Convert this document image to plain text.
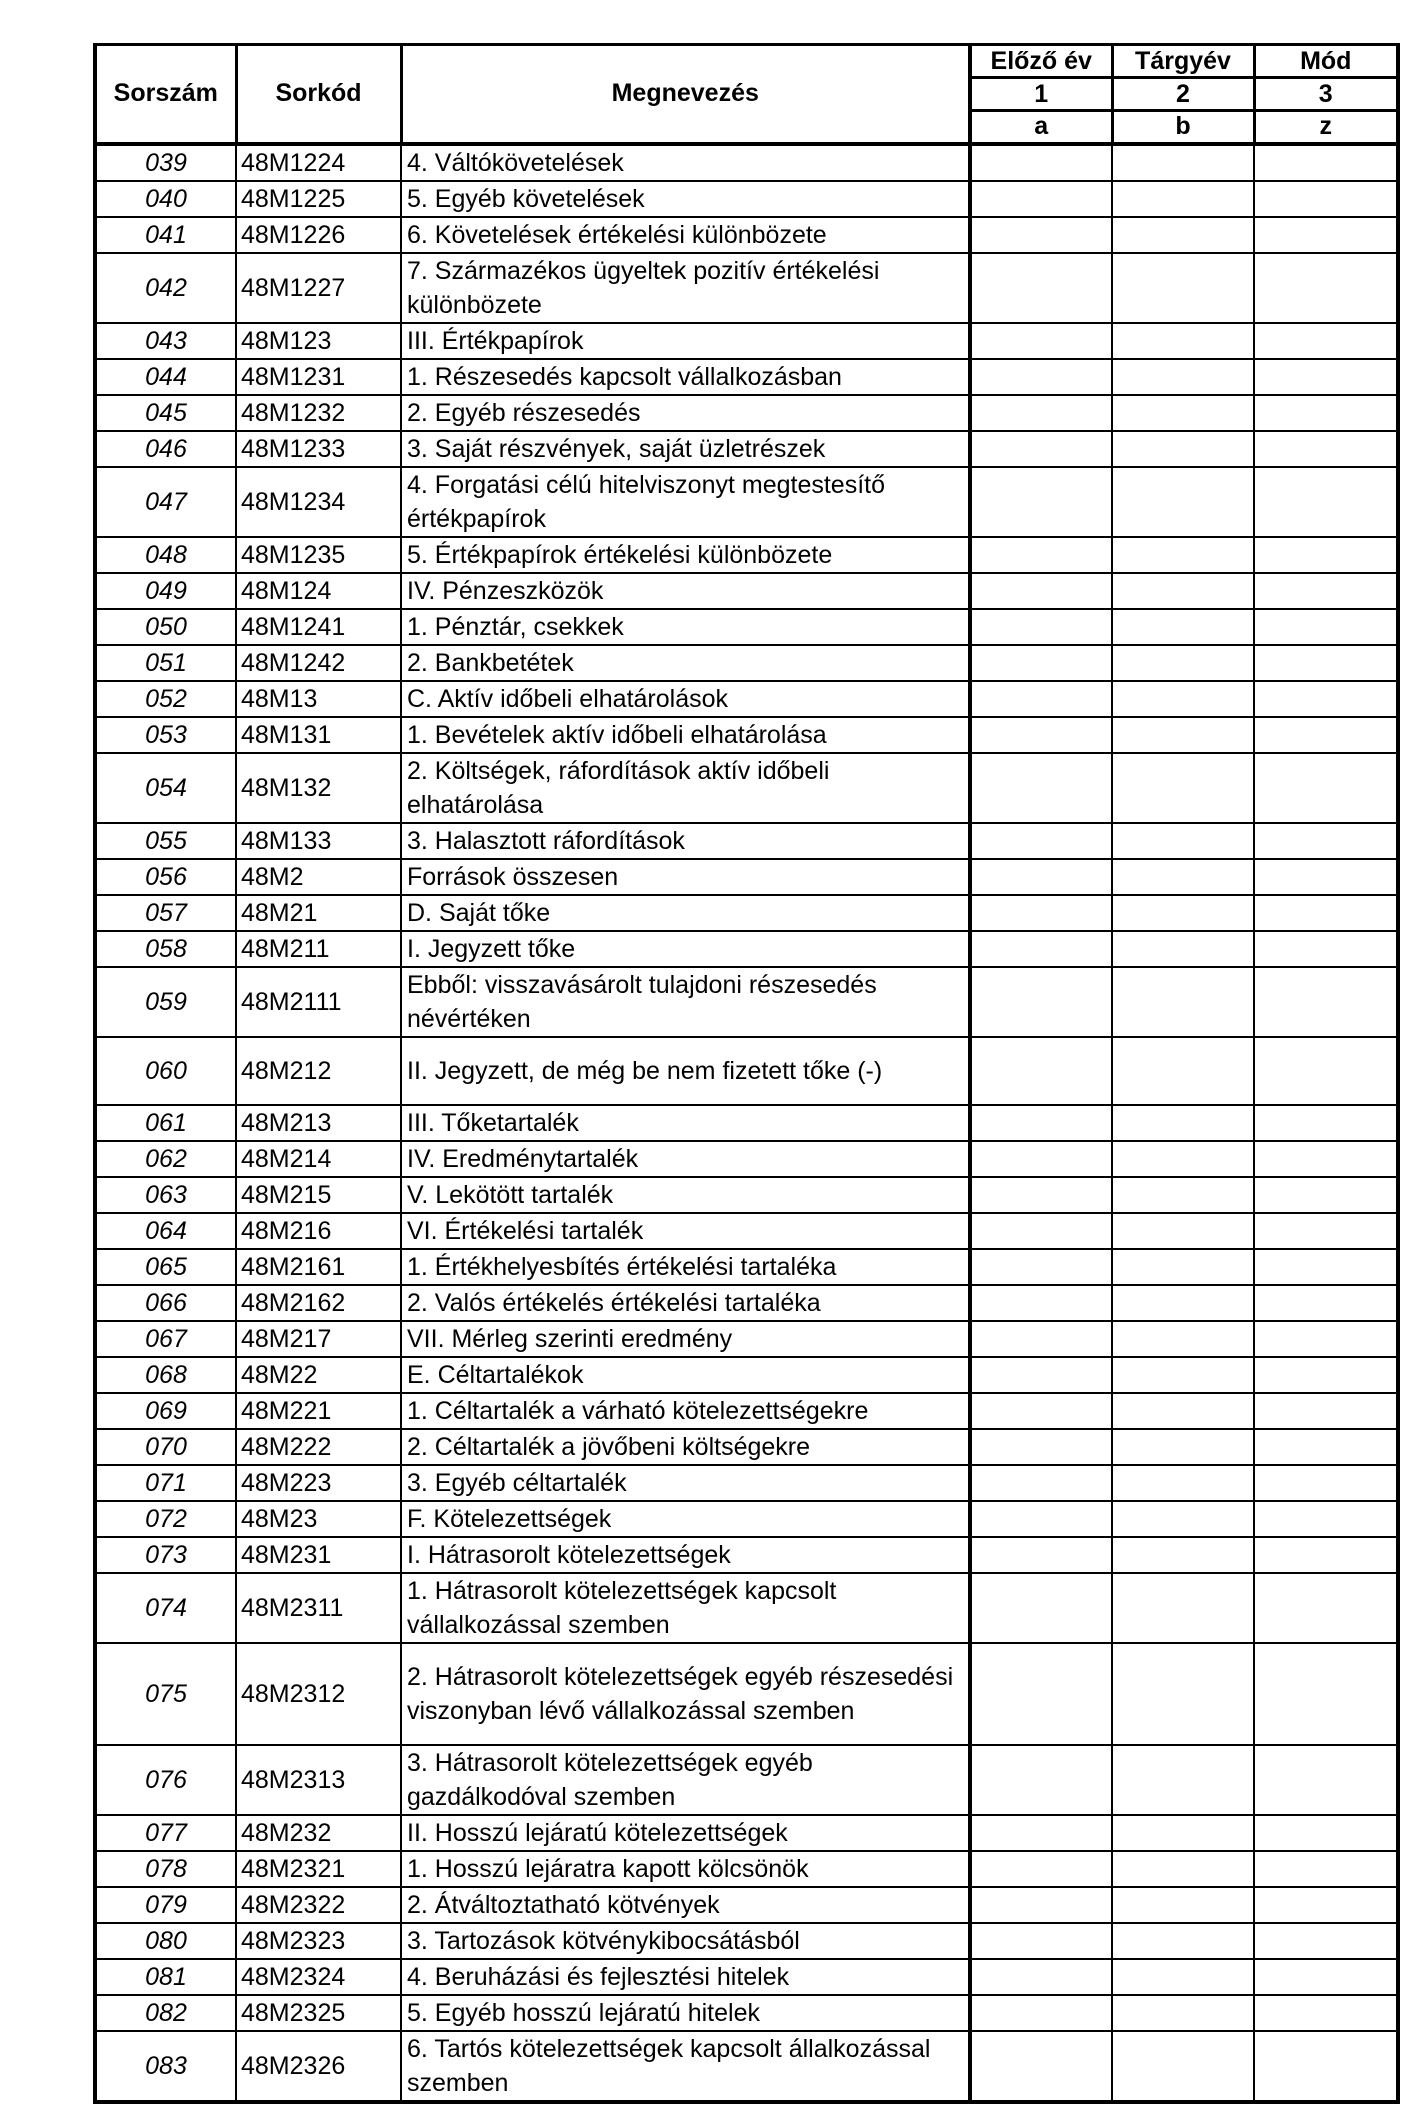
Sorszám	Sorkód	Megnevezés	Előző év	Tárgyév	Mód
			1	2	3
			a	b	z
039	48M1224	4. Váltókövetelések			
040	48M1225	5. Egyéb követelések			
041	48M1226	6. Követelések értékelési különbözete			
042	48M1227	7. Származékos ügyeltek pozitív értékelési különbözete			
043	48M123	III. Értékpapírok			
044	48M1231	1. Részesedés kapcsolt vállalkozásban			
045	48M1232	2. Egyéb részesedés			
046	48M1233	3. Saját részvények, saját üzletrészek			
047	48M1234	4. Forgatási célú hitelviszonyt megtestesítő értékpapírok			
048	48M1235	5. Értékpapírok értékelési különbözete			
049	48M124	IV. Pénzeszközök			
050	48M1241	1. Pénztár, csekkek			
051	48M1242	2. Bankbetétek			
052	48M13	C. Aktív időbeli elhatárolások			
053	48M131	1. Bevételek aktív időbeli elhatárolása			
054	48M132	2. Költségek, ráfordítások aktív időbeli elhatárolása			
055	48M133	3. Halasztott ráfordítások			
056	48M2	Források összesen			
057	48M21	D. Saját tőke			
058	48M211	I. Jegyzett tőke			
059	48M2111	Ebből: visszavásárolt tulajdoni részesedés névértéken			
060	48M212	II. Jegyzett, de még be nem fizetett tőke (-)			
061	48M213	III. Tőketartalék			
062	48M214	IV. Eredménytartalék			
063	48M215	V. Lekötött tartalék			
064	48M216	VI. Értékelési tartalék			
065	48M2161	1. Értékhelyesbítés értékelési tartaléka			
066	48M2162	2. Valós értékelés értékelési tartaléka			
067	48M217	VII. Mérleg szerinti eredmény			
068	48M22	E. Céltartalékok			
069	48M221	1. Céltartalék a várható kötelezettségekre			
070	48M222	2. Céltartalék a jövőbeni költségekre			
071	48M223	3. Egyéb céltartalék			
072	48M23	F. Kötelezettségek			
073	48M231	I. Hátrasorolt kötelezettségek			
074	48M2311	1. Hátrasorolt kötelezettségek kapcsolt vállalkozással szemben			
075	48M2312	2. Hátrasorolt kötelezettségek egyéb részesedési viszonyban lévő vállalkozással szemben			
076	48M2313	3. Hátrasorolt kötelezettségek egyéb gazdálkodóval szemben			
077	48M232	II. Hosszú lejáratú kötelezettségek			
078	48M2321	1. Hosszú lejáratra kapott kölcsönök			
079	48M2322	2. Átváltoztatható kötvények			
080	48M2323	3. Tartozások kötvénykibocsátásból			
081	48M2324	4. Beruházási és fejlesztési hitelek			
082	48M2325	5. Egyéb hosszú lejáratú hitelek			
083	48M2326	6. Tartós kötelezettségek kapcsolt állalkozással szemben			
